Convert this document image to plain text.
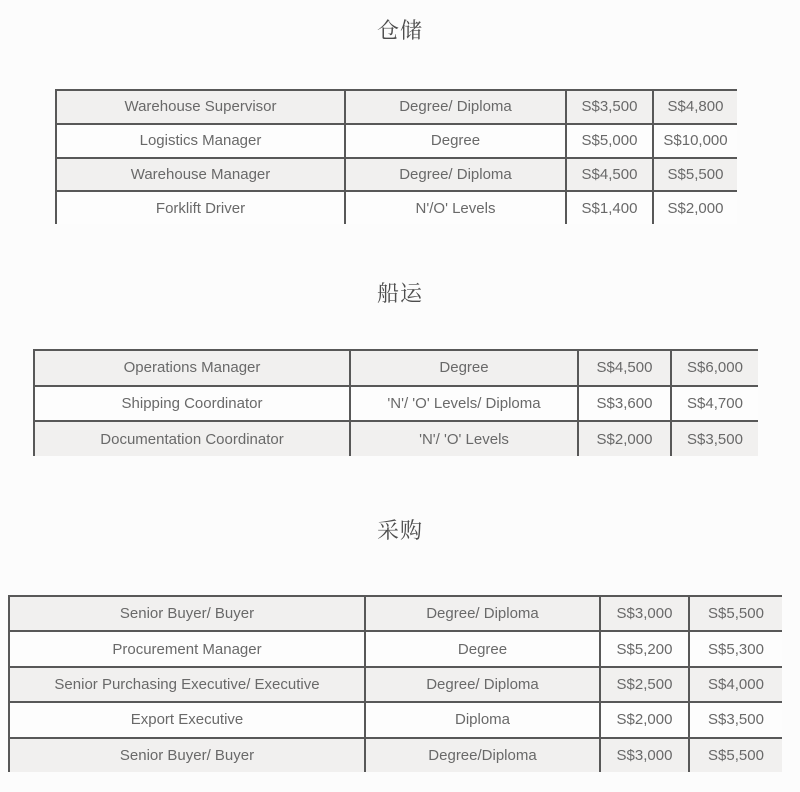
仓储
Warehouse Supervisor	Degree/ Diploma	S$3,500	S$4,800
Logistics Manager	Degree	S$5,000	S$10,000
Warehouse Manager	Degree/ Diploma	S$4,500	S$5,500
Forklift Driver	N'/O' Levels	S$1,400	S$2,000
船运
Operations Manager	Degree	S$4,500	S$6,000
Shipping Coordinator	'N'/ 'O' Levels/ Diploma	S$3,600	S$4,700
Documentation Coordinator	'N'/ 'O' Levels	S$2,000	S$3,500
采购
Senior Buyer/ Buyer	Degree/ Diploma	S$3,000	S$5,500
Procurement Manager	Degree	S$5,200	S$5,300
Senior Purchasing Executive/ Executive	Degree/ Diploma	S$2,500	S$4,000
Export Executive	Diploma	S$2,000	S$3,500
Senior Buyer/ Buyer	Degree/Diploma	S$3,000	S$5,500
